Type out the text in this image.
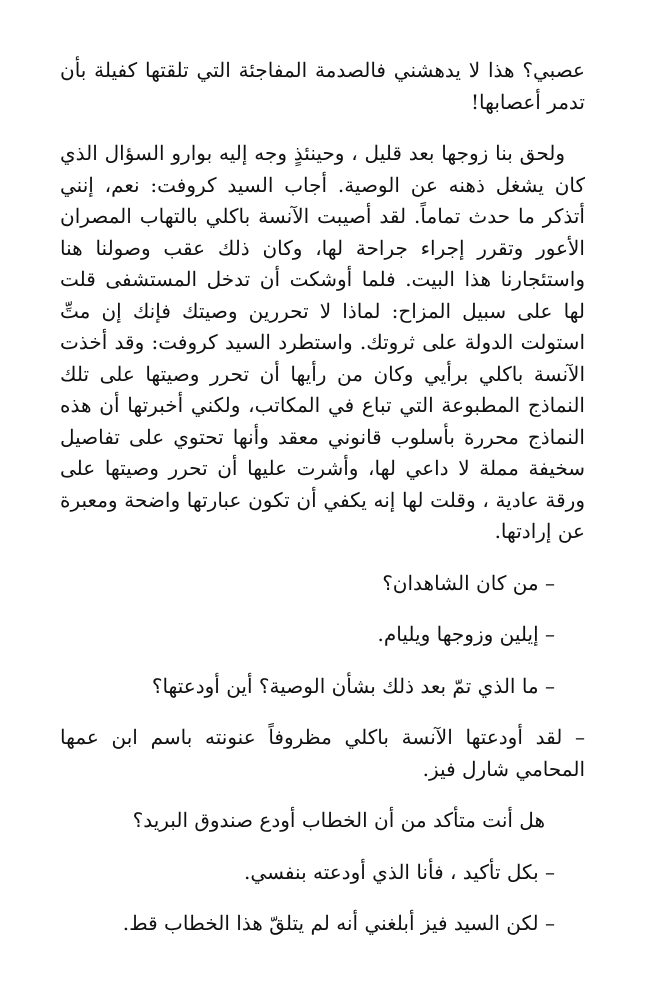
عصبي؟ هذا لا يدهشني فالصدمة المفاجئة التي تلقتها كفيلة بأن تدمر أعصابها!

ولحق بنا زوجها بعد قليل ، وحينئذٍ وجه إليه بوارو السؤال الذي كان يشغل ذهنه عن الوصية. أجاب السيد كروفت: نعم، إنني أتذكر ما حدث تماماً. لقد أصيبت الآنسة باكلي بالتهاب المصران الأعور وتقرر إجراء جراحة لها، وكان ذلك عقب وصولنا هنا واستئجارنا هذا البيت. فلما أوشكت أن تدخل المستشفى قلت لها على سبيل المزاح: لماذا لا تحررين وصيتك فإنك إن متِّ استولت الدولة على ثروتك. واستطرد السيد كروفت: وقد أخذت الآنسة باكلي برأيي وكان من رأيها أن تحرر وصيتها على تلك النماذج المطبوعة التي تباع في المكاتب، ولكني أخبرتها أن هذه النماذج محررة بأسلوب قانوني معقد وأنها تحتوي على تفاصيل سخيفة مملة لا داعي لها، وأشرت عليها أن تحرر وصيتها على ورقة عادية ، وقلت لها إنه يكفي أن تكون عبارتها واضحة ومعبرة عن إرادتها.

– من كان الشاهدان؟

– إيلين وزوجها ويليام.

– ما الذي تمّ بعد ذلك بشأن الوصية؟ أين أودعتها؟

– لقد أودعتها الآنسة باكلي مظروفاً عنونته باسم ابن عمها المحامي شارل فيز.

هل أنت متأكد من أن الخطاب أودع صندوق البريد؟

– بكل تأكيد ، فأنا الذي أودعته بنفسي.

– لكن السيد فيز أبلغني أنه لم يتلقّ هذا الخطاب قط.
